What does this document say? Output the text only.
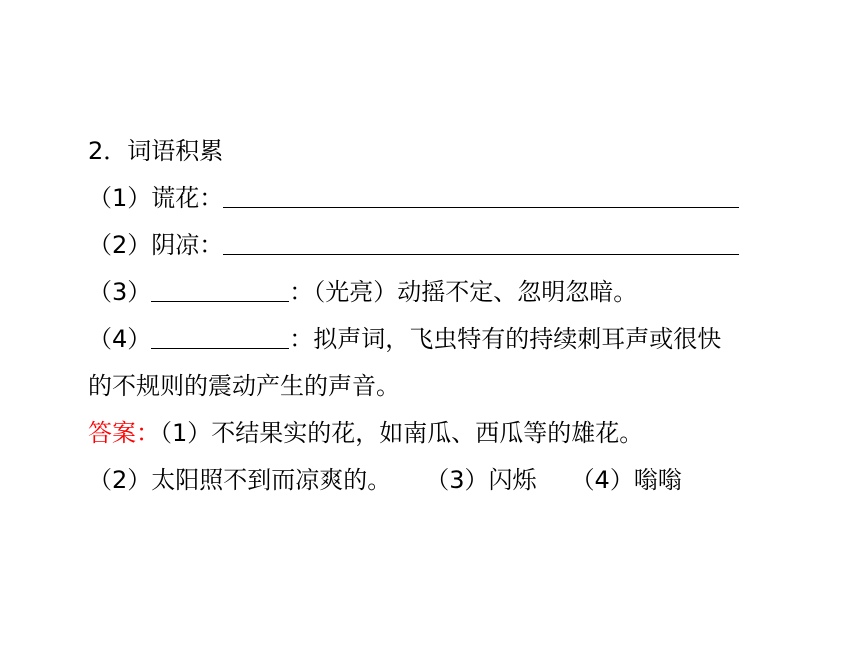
2．词语积累
（1）谎花：
（2）阴凉：
（3）	：（光亮）动摇不定、忽明忽暗。
（4）	：拟声词，飞虫特有的持续刺耳声或很快
的不规则的震动产生的声音。
答案：（1）不结果实的花，如南瓜、西瓜等的雄花。
（2）太阳照不到而凉爽的。 （3）闪烁 （4）嗡嗡
